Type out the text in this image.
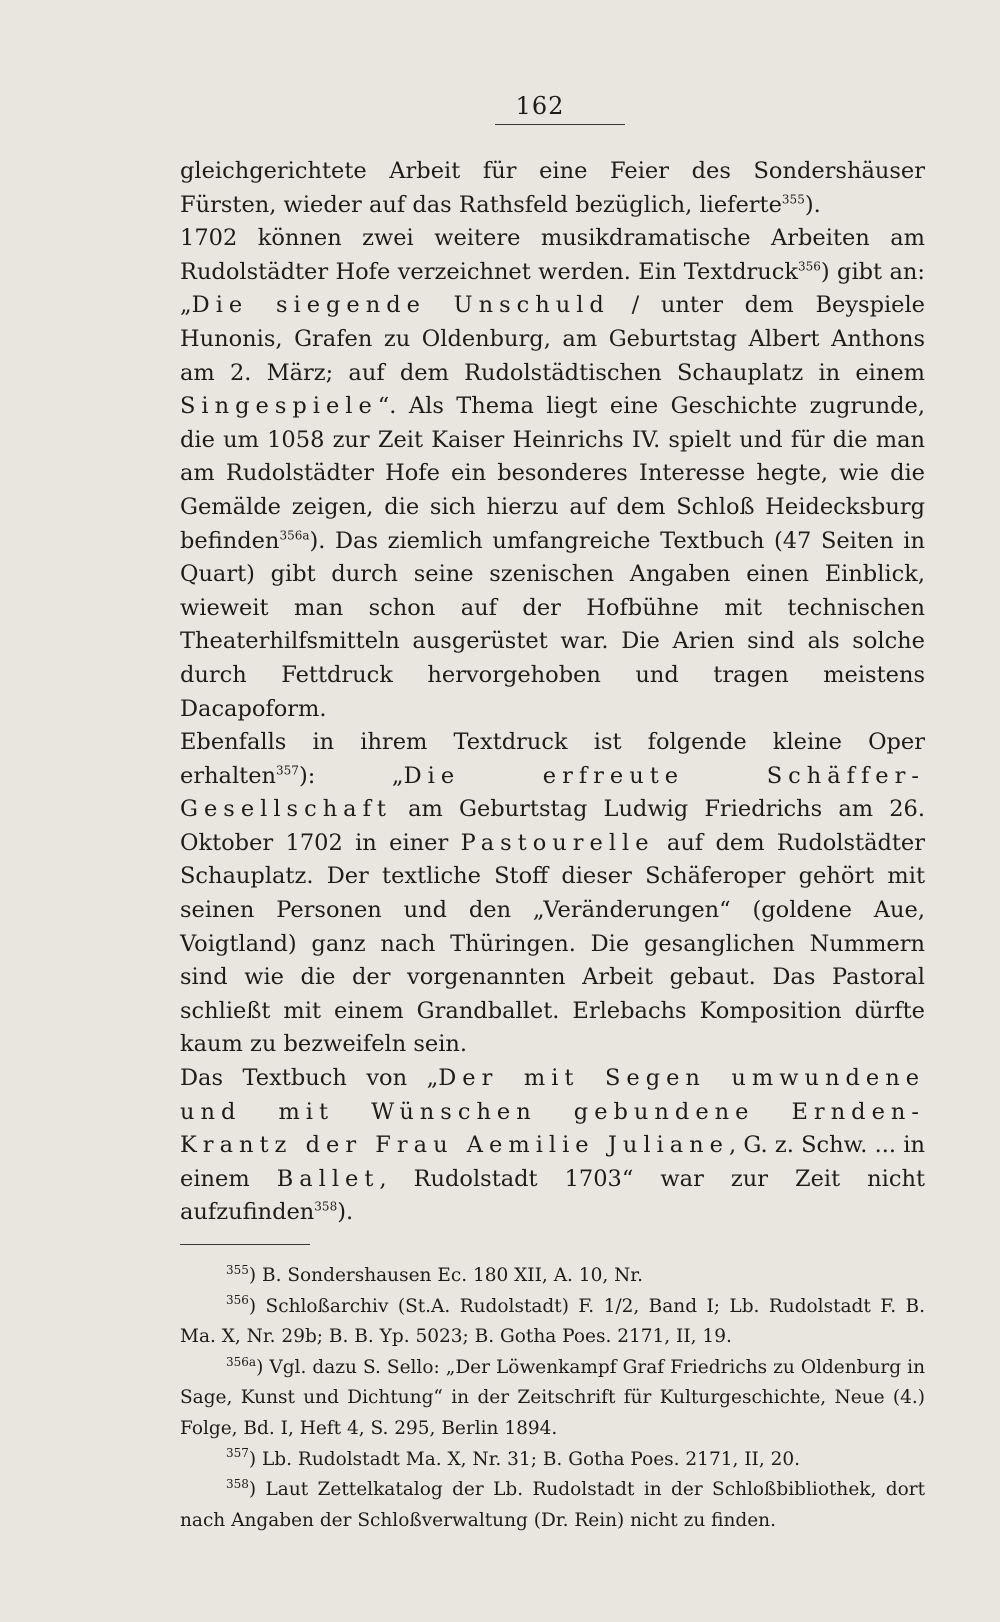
162

gleichgerichtete Arbeit für eine Feier des Sondershäuser Fürsten, wieder auf das Rathsfeld bezüglich, lieferte$^{355}$).

1702 können zwei weitere musikdramatische Arbeiten am Rudolstädter Hofe verzeichnet werden. Ein Textdruck$^{356}$) gibt an: „Die siegende Unschuld / unter dem Beyspiele Hunonis, Grafen zu Oldenburg, am Geburtstag Albert Anthons am 2. März; auf dem Rudolstädtischen Schauplatz in einem Singespiele“. Als Thema liegt eine Geschichte zugrunde, die um 1058 zur Zeit Kaiser Heinrichs IV. spielt und für die man am Rudolstädter Hofe ein besonderes Interesse hegte, wie die Gemälde zeigen, die sich hierzu auf dem Schloß Heidecksburg befinden$^{356a}$). Das ziemlich umfangreiche Textbuch (47 Seiten in Quart) gibt durch seine szenischen Angaben einen Einblick, wieweit man schon auf der Hofbühne mit technischen Theaterhilfsmitteln ausgerüstet war. Die Arien sind als solche durch Fettdruck hervorgehoben und tragen meistens Dacapoform.

Ebenfalls in ihrem Textdruck ist folgende kleine Oper erhalten$^{357}$): „Die erfreute Schäffer-Gesellschaft am Geburtstag Ludwig Friedrichs am 26. Oktober 1702 in einer Pastourelle auf dem Rudolstädter Schauplatz. Der textliche Stoff dieser Schäferoper gehört mit seinen Personen und den „Veränderungen“ (goldene Aue, Voigtland) ganz nach Thüringen. Die gesanglichen Nummern sind wie die der vorgenannten Arbeit gebaut. Das Pastoral schließt mit einem Grandballet. Erlebachs Komposition dürfte kaum zu bezweifeln sein.

Das Textbuch von „Der mit Segen umwundene und mit Wünschen gebundene Ernden-Krantz der Frau Aemilie Juliane, G. z. Schw. ... in einem Ballet, Rudolstadt 1703“ war zur Zeit nicht aufzufinden$^{358}$).

$^{355}$) B. Sondershausen Ec. 180 XII, A. 10, Nr.

$^{356}$) Schloßarchiv (St.A. Rudolstadt) F. 1/2, Band I; Lb. Rudolstadt F. B. Ma. X, Nr. 29b; B. B. Yp. 5023; B. Gotha Poes. 2171, II, 19.

$^{356a}$) Vgl. dazu S. Sello: „Der Löwenkampf Graf Friedrichs zu Oldenburg in Sage, Kunst und Dichtung“ in der Zeitschrift für Kulturgeschichte, Neue (4.) Folge, Bd. I, Heft 4, S. 295, Berlin 1894.

$^{357}$) Lb. Rudolstadt Ma. X, Nr. 31; B. Gotha Poes. 2171, II, 20.

$^{358}$) Laut Zettelkatalog der Lb. Rudolstadt in der Schloßbibliothek, dort nach Angaben der Schloßverwaltung (Dr. Rein) nicht zu finden.
